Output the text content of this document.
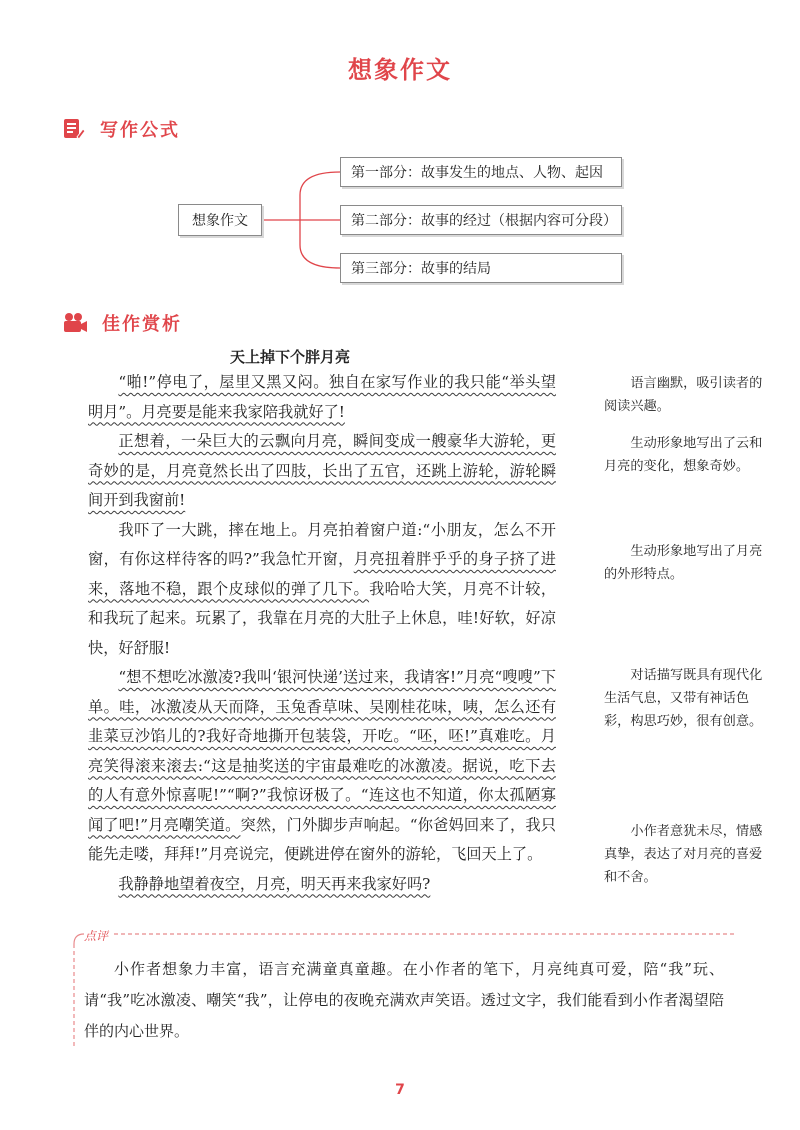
想象作文
写作公式
想象作文
第一部分：故事发生的地点、人物、起因
第二部分：故事的经过（根据内容可分段）
第三部分：故事的结局
佳作赏析
天上掉下个胖月亮

“啪!”停电了，屋里又黑又闷。独自在家写作业的我只能“举头望明月”。月亮要是能来我家陪我就好了!

正想着，一朵巨大的云飘向月亮，瞬间变成一艘豪华大游轮，更奇妙的是，月亮竟然长出了四肢，长出了五官，还跳上游轮，游轮瞬间开到我窗前!

我吓了一大跳，摔在地上。月亮拍着窗户道:“小朋友，怎么不开窗，有你这样待客的吗?”我急忙开窗，月亮扭着胖乎乎的身子挤了进来，落地不稳，跟个皮球似的弹了几下。我哈哈大笑，月亮不计较，和我玩了起来。玩累了，我靠在月亮的大肚子上休息，哇!好软，好凉快，好舒服!

“想不想吃冰激凌?我叫‘银河快递’送过来，我请客!”月亮“嗖嗖”下单。哇，冰激凌从天而降，玉兔香草味、吴刚桂花味，咦，怎么还有韭菜豆沙馅儿的?我好奇地撕开包装袋，开吃。“呸，呸!”真难吃。月亮笑得滚来滚去:“这是抽奖送的宇宙最难吃的冰激凌。据说，吃下去的人有意外惊喜呢!”“啊?”我惊讶极了。“连这也不知道，你太孤陋寡闻了吧!”月亮嘲笑道。突然，门外脚步声响起。“你爸妈回来了，我只能先走喽，拜拜!”月亮说完，便跳进停在窗外的游轮，飞回天上了。

我静静地望着夜空，月亮，明天再来我家好吗?

语言幽默，吸引读者的阅读兴趣。
生动形象地写出了云和月亮的变化，想象奇妙。
生动形象地写出了月亮的外形特点。
对话描写既具有现代化生活气息，又带有神话色彩，构思巧妙，很有创意。
小作者意犹未尽，情感真挚，表达了对月亮的喜爱和不舍。
点评
小作者想象力丰富，语言充满童真童趣。在小作者的笔下，月亮纯真可爱，陪“我”玩、请“我”吃冰激凌、嘲笑“我”，让停电的夜晚充满欢声笑语。透过文字，我们能看到小作者渴望陪伴的内心世界。
7
